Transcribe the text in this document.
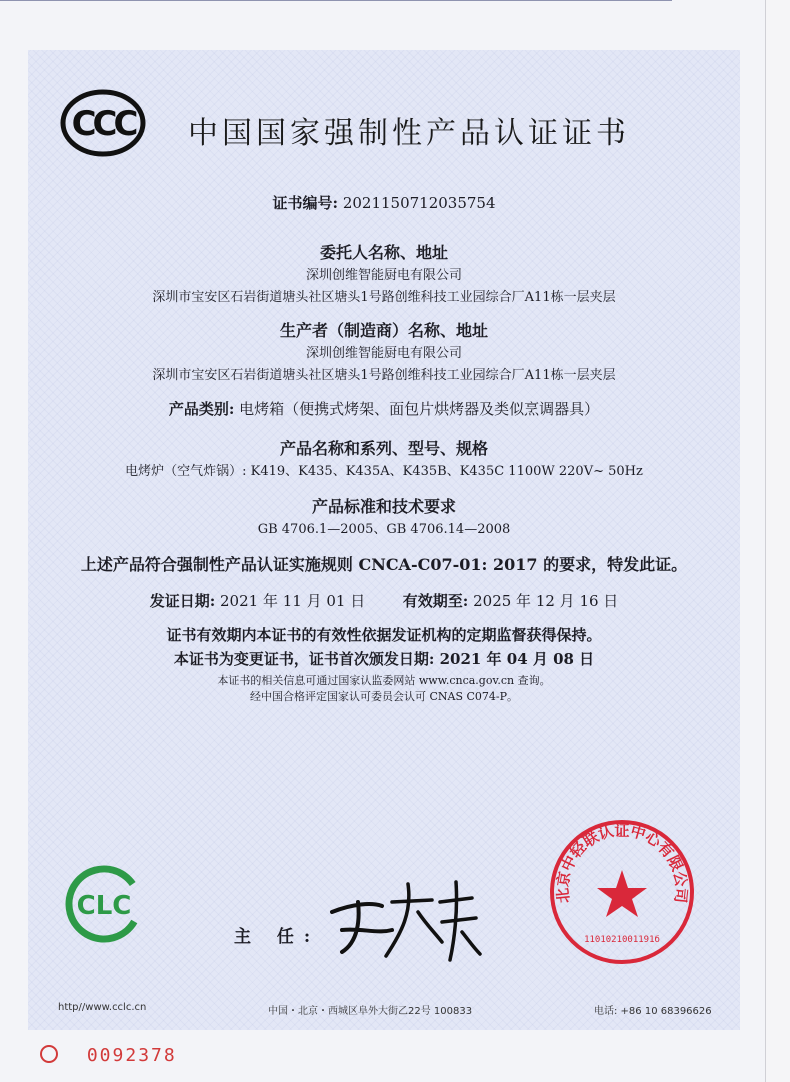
CCC 中国国家强制性产品认证证书
证书编号: 2021150712035754
委托人名称、地址
深圳创维智能厨电有限公司
深圳市宝安区石岩街道塘头社区塘头1号路创维科技工业园综合厂A11栋一层夹层
生产者（制造商）名称、地址
深圳创维智能厨电有限公司
深圳市宝安区石岩街道塘头社区塘头1号路创维科技工业园综合厂A11栋一层夹层
产品类别: 电烤箱（便携式烤架、面包片烘烤器及类似烹调器具）
产品名称和系列、型号、规格
电烤炉（空气炸锅）: K419、K435、K435A、K435B、K435C 1100W 220V~ 50Hz
产品标准和技术要求
GB 4706.1—2005、GB 4706.14—2008
上述产品符合强制性产品认证实施规则 CNCA-C07-01: 2017 的要求，特发此证。
发证日期: 2021 年 11 月 01 日	有效期至: 2025 年 12 月 16 日
证书有效期内本证书的有效性依据发证机构的定期监督获得保持。
本证书为变更证书，证书首次颁发日期: 2021 年 04 月 08 日
本证书的相关信息可通过国家认监委网站 www.cnca.gov.cn 查询。
经中国合格评定国家认可委员会认可 CNAS C074-P。
CLC
主 任:
北京中轻联认证中心有限公司
1101021001191б
http//www.cclc.cn	中国・北京・西城区阜外大街乙22号 100833	电话: +86 10 68396626
0092378
